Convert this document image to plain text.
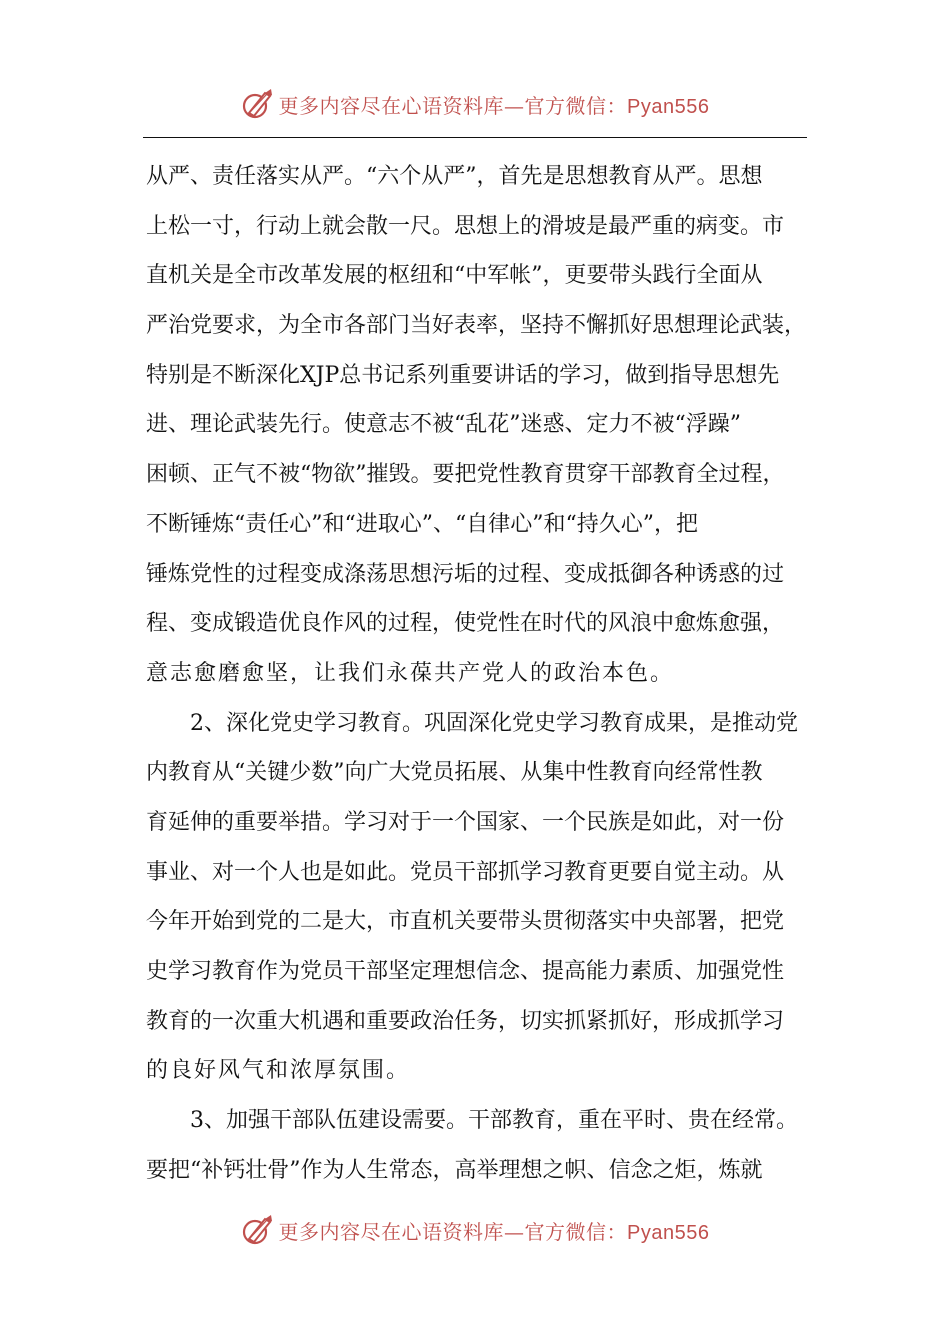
更多内容尽在心语资料库—官方微信：Pyan556
从严、责任落实从严。“六个从严”，首先是思想教育从严。思想
上松一寸，行动上就会散一尺。思想上的滑坡是最严重的病变。市
直机关是全市改革发展的枢纽和“中军帐”，更要带头践行全面从
严治党要求，为全市各部门当好表率，坚持不懈抓好思想理论武装，
特别是不断深化XJP总书记系列重要讲话的学习，做到指导思想先
进、理论武装先行。使意志不被“乱花”迷惑、定力不被“浮躁”
困顿、正气不被“物欲”摧毁。要把党性教育贯穿干部教育全过程，
不断锤炼“责任心”和“进取心”、“自律心”和“持久心”，把
锤炼党性的过程变成涤荡思想污垢的过程、变成抵御各种诱惑的过
程、变成锻造优良作风的过程，使党性在时代的风浪中愈炼愈强，
意志愈磨愈坚，让我们永葆共产党人的政治本色。
2、深化党史学习教育。巩固深化党史学习教育成果，是推动党
内教育从“关键少数”向广大党员拓展、从集中性教育向经常性教
育延伸的重要举措。学习对于一个国家、一个民族是如此，对一份
事业、对一个人也是如此。党员干部抓学习教育更要自觉主动。从
今年开始到党的二是大，市直机关要带头贯彻落实中央部署，把党
史学习教育作为党员干部坚定理想信念、提高能力素质、加强党性
教育的一次重大机遇和重要政治任务，切实抓紧抓好，形成抓学习
的良好风气和浓厚氛围。
3、加强干部队伍建设需要。干部教育，重在平时、贵在经常。
要把“补钙壮骨”作为人生常态，高举理想之帜、信念之炬，炼就
更多内容尽在心语资料库—官方微信：Pyan556
